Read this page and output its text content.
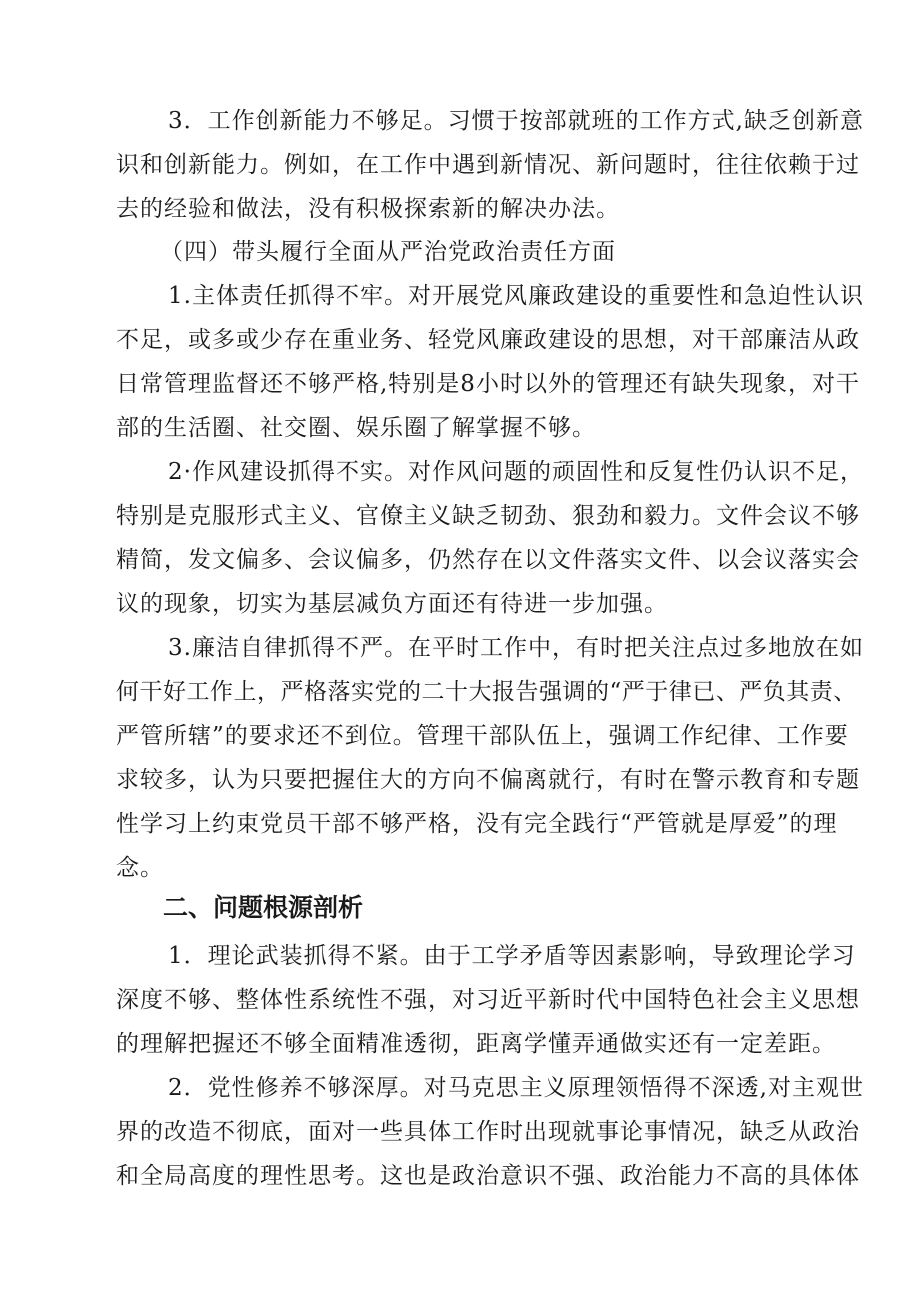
3．工作创新能力不够足。习惯于按部就班的工作方式,缺乏创新意
识和创新能力。例如，在工作中遇到新情况、新问题时，往往依赖于过
去的经验和做法，没有积极探索新的解决办法。
（四）带头履行全面从严治党政治责任方面
1.主体责任抓得不牢。对开展党风廉政建设的重要性和急迫性认识
不足，或多或少存在重业务、轻党风廉政建设的思想，对干部廉洁从政
日常管理监督还不够严格,特别是8小时以外的管理还有缺失现象，对干
部的生活圈、社交圈、娱乐圈了解掌握不够。
2·作风建设抓得不实。对作风问题的顽固性和反复性仍认识不足，
特别是克服形式主义、官僚主义缺乏韧劲、狠劲和毅力。文件会议不够
精简，发文偏多、会议偏多，仍然存在以文件落实文件、以会议落实会
议的现象，切实为基层减负方面还有待进一步加强。
3.廉洁自律抓得不严。在平时工作中，有时把关注点过多地放在如
何干好工作上，严格落实党的二十大报告强调的“严于律已、严负其责、
严管所辖”的要求还不到位。管理干部队伍上，强调工作纪律、工作要
求较多，认为只要把握住大的方向不偏离就行，有时在警示教育和专题
性学习上约束党员干部不够严格，没有完全践行“严管就是厚爱”的理
念。
二、问题根源剖析
1．理论武装抓得不紧。由于工学矛盾等因素影响，导致理论学习
深度不够、整体性系统性不强，对习近平新时代中国特色社会主义思想
的理解把握还不够全面精准透彻，距离学懂弄通做实还有一定差距。
2．党性修养不够深厚。对马克思主义原理领悟得不深透,对主观世
界的改造不彻底，面对一些具体工作时出现就事论事情况，缺乏从政治
和全局高度的理性思考。这也是政治意识不强、政治能力不高的具体体
